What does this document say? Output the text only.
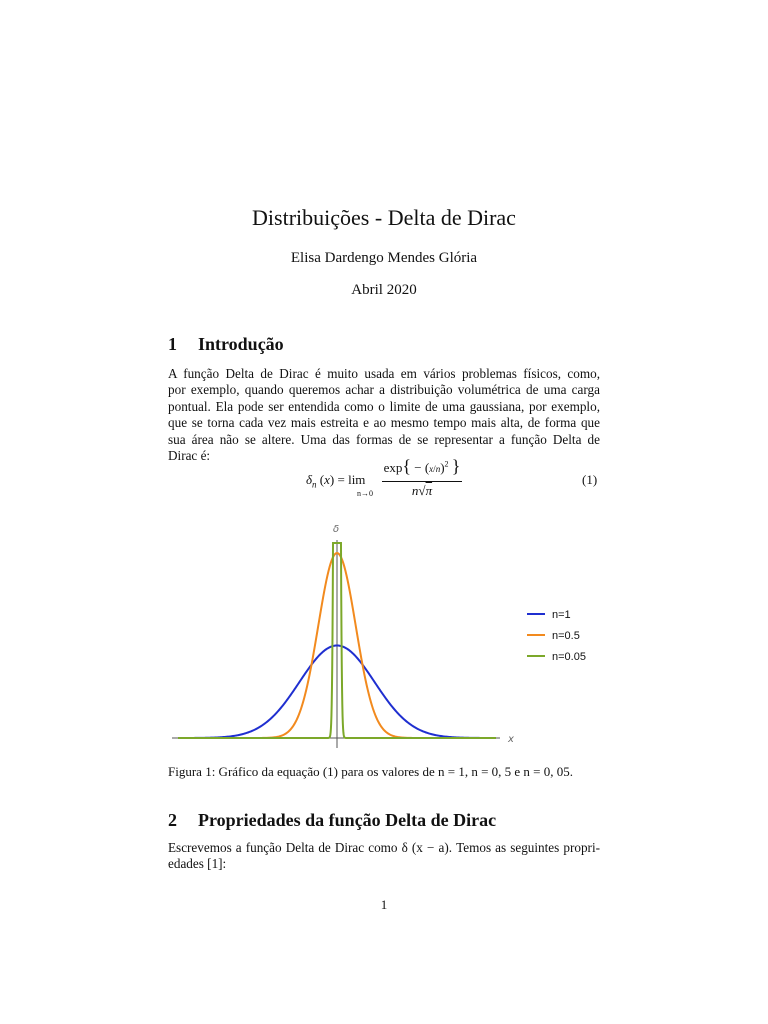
Distribuições - Delta de Dirac
Elisa Dardengo Mendes Glória
Abril 2020
1 Introdução
A função Delta de Dirac é muito usada em vários problemas físicos, como,
por exemplo, quando queremos achar a distribuição volumétrica de uma carga
pontual. Ela pode ser entendida como o limite de uma gaussiana, por exemplo,
que se torna cada vez mais estreita e ao mesmo tempo mais alta, de forma que
sua área não se altere. Uma das formas de se representar a função Delta de
Dirac é:
$\delta_n$ (x) = lim
n→0
$\exp\{ - (x/n)^2$ }
n√π
(1)
x
δ
n=1
n=0.5
n=0.05
Figura 1: Gráfico da equação (1) para os valores de n = 1, n = 0, 5 e n = 0, 05.
2 Propriedades da função Delta de Dirac
Escrevemos a função Delta de Dirac como δ (x − a). Temos as seguintes propri-
edades [1]:
1
